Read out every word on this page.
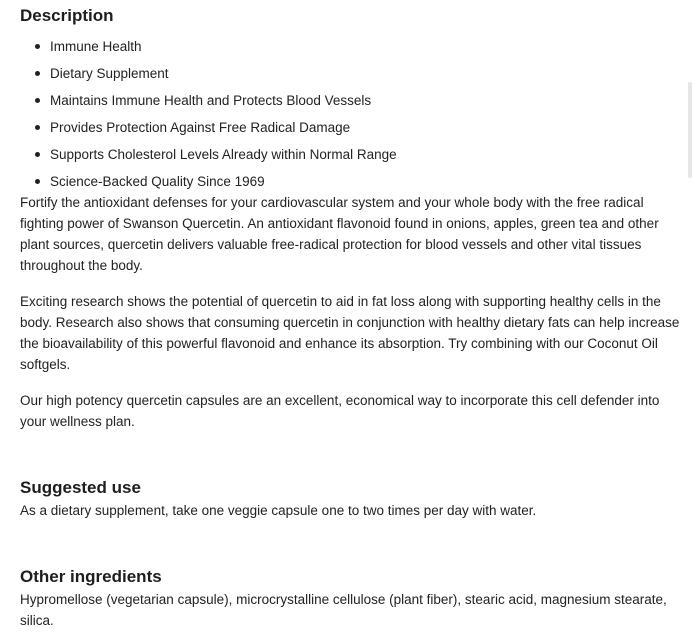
Description
Immune Health
Dietary Supplement
Maintains Immune Health and Protects Blood Vessels
Provides Protection Against Free Radical Damage
Supports Cholesterol Levels Already within Normal Range
Science-Backed Quality Since 1969

Fortify the antioxidant defenses for your cardiovascular system and your whole body with the free radical fighting power of Swanson Quercetin. An antioxidant flavonoid found in onions, apples, green tea and other plant sources, quercetin delivers valuable free-radical protection for blood vessels and other vital tissues throughout the body.

Exciting research shows the potential of quercetin to aid in fat loss along with supporting healthy cells in the body. Research also shows that consuming quercetin in conjunction with healthy dietary fats can help increase the bioavailability of this powerful flavonoid and enhance its absorption. Try combining with our Coconut Oil softgels.

Our high potency quercetin capsules are an excellent, economical way to incorporate this cell defender into your wellness plan.

Suggested use

As a dietary supplement, take one veggie capsule one to two times per day with water.

Other ingredients

Hypromellose (vegetarian capsule), microcrystalline cellulose (plant fiber), stearic acid, magnesium stearate, silica.
